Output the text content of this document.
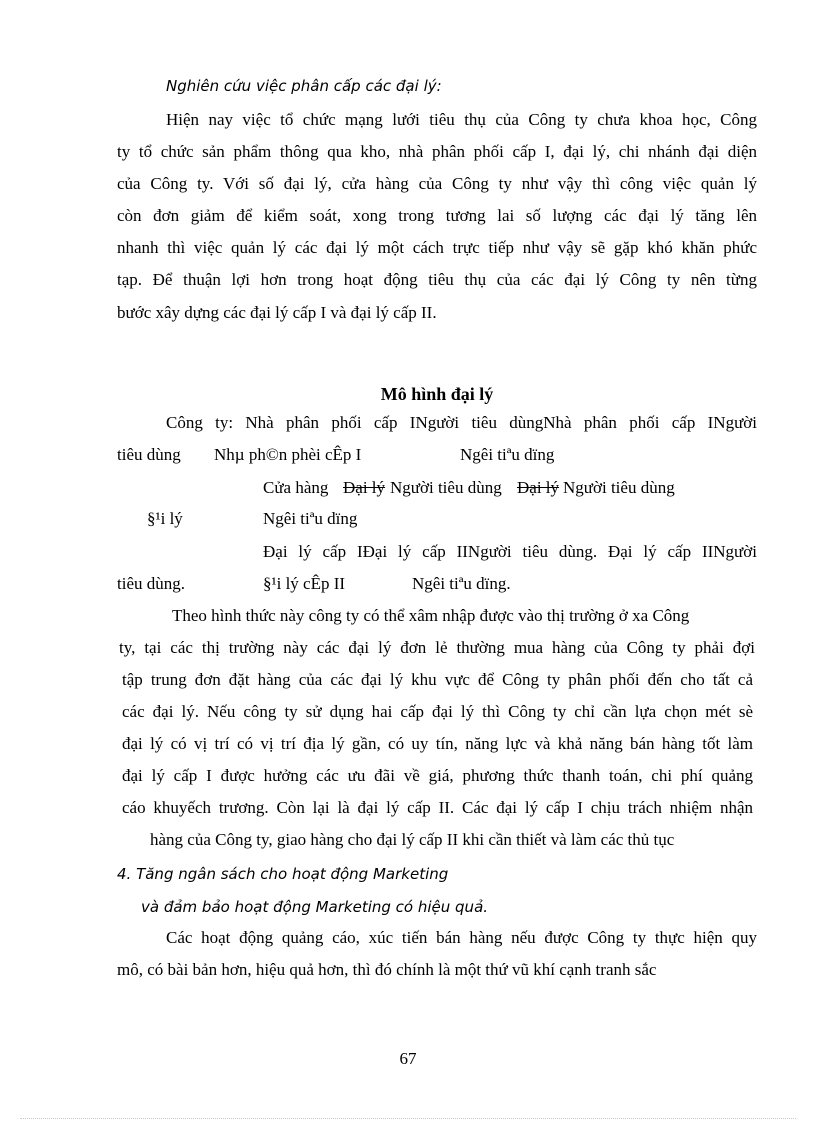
Nghiên cứu việc phân cấp các đại lý:
Hiện nay việc tổ chức mạng lưới tiêu thụ của Công ty chưa khoa học, Công
ty tổ chức sản phẩm thông qua kho, nhà phân phối cấp I, đại lý, chi nhánh đại diện
của Công ty. Với số đại lý, cửa hàng của Công ty như vậy thì công việc quản lý
còn đơn giảm để kiểm soát, xong trong tương lai số lượng các đại lý tăng lên
nhanh thì việc quản lý các đại lý một cách trực tiếp như vậy sẽ gặp khó khăn phức
tạp. Để thuận lợi hơn trong hoạt động tiêu thụ của các đại lý Công ty nên từng
bước xây dựng các đại lý cấp I và đại lý cấp II.
Mô hình đại lý
Công ty: Nhà phân phối cấp INgười tiêu dùngNhà phân phối cấp INgười
tiêu dùng Nhµ ph©n phèi cÊp I	Ngêi tiªu dïng
Cửa hàng Đại lý Người tiêu dùng Đại lý Người tiêu dùng
§¹i lý	Ngêi tiªu dïng
Đại lý cấp IĐại lý cấp IINgười tiêu dùng. Đại lý cấp IINgười
tiêu dùng.	§¹i lý cÊp II	Ngêi tiªu dïng.
Theo hình thức này công ty có thể xâm nhập được vào thị trường ở xa Công
ty, tại các thị trường này các đại lý đơn lẻ thường mua hàng của Công ty phải đợi
tập trung đơn đặt hàng của các đại lý khu vực để Công ty phân phối đến cho tất cả
các đại lý. Nếu công ty sử dụng hai cấp đại lý thì Công ty chỉ cần lựa chọn mét sè
đại lý có vị trí có vị trí địa lý gần, có uy tín, năng lực và khả năng bán hàng tốt làm
đại lý cấp I được hưởng các ưu đãi về giá, phương thức thanh toán, chi phí quảng
cáo khuyếch trương. Còn lại là đại lý cấp II. Các đại lý cấp I chịu trách nhiệm nhận
hàng của Công ty, giao hàng cho đại lý cấp II khi cần thiết và làm các thủ tục
4. Tăng ngân sách cho hoạt động Marketing
và đảm bảo hoạt động Marketing có hiệu quả.
Các hoạt động quảng cáo, xúc tiến bán hàng nếu được Công ty thực hiện quy
mô, có bài bản hơn, hiệu quả hơn, thì đó chính là một thứ vũ khí cạnh tranh sắc
67
